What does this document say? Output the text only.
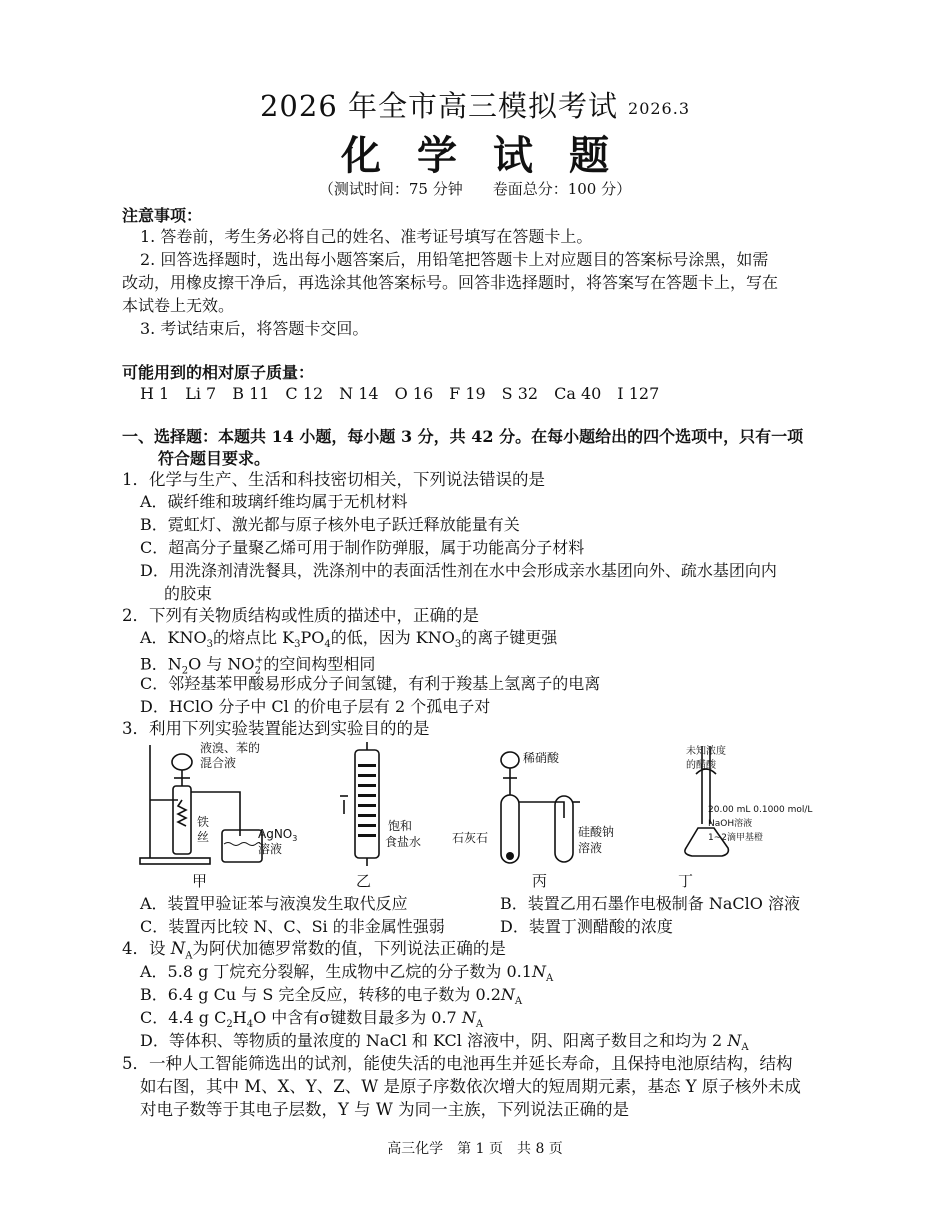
2026 年全市高三模拟考试 2026.3
化学试题
（测试时间：75 分钟　　卷面总分：100 分）
注意事项：
1. 答卷前，考生务必将自己的姓名、准考证号填写在答题卡上。
2. 回答选择题时，选出每小题答案后，用铅笔把答题卡上对应题目的答案标号涂黑，如需
改动，用橡皮擦干净后，再选涂其他答案标号。回答非选择题时，将答案写在答题卡上，写在
本试卷上无效。
3. 考试结束后，将答题卡交回。
可能用到的相对原子质量：
H 1　Li 7　B 11　C 12　N 14　O 16　F 19　S 32　Ca 40　I 127
一、选择题：本题共 14 小题，每小题 3 分，共 42 分。在每小题给出的四个选项中，只有一项
符合题目要求。
1．化学与生产、生活和科技密切相关，下列说法错误的是
A．碳纤维和玻璃纤维均属于无机材料
B．霓虹灯、激光都与原子核外电子跃迁释放能量有关
C．超高分子量聚乙烯可用于制作防弹服，属于功能高分子材料
D．用洗涤剂清洗餐具，洗涤剂中的表面活性剂在水中会形成亲水基团向外、疏水基团向内
的胶束
2．下列有关物质结构或性质的描述中，正确的是
A．$KNO_3$的熔点比 $K_3PO_4$的低，因为 $KNO_3$的离子键更强
B．$N_2O$ 与 $NO_2^+$的空间构型相同
C．邻羟基苯甲酸易形成分子间氢键，有利于羧基上氢离子的电离
D．HClO 分子中 Cl 的价电子层有 2 个孤电子对
3．利用下列实验装置能达到实验目的的是
液溴、苯的
混合液
铁
丝	AgNO$_3$
溶液
饱和
食盐水
稀硝酸
石灰石	硅酸钠
溶液
未知浓度
的醋酸
20.00 mL 0.1000 mol/L
NaOH溶液
1~2滴甲基橙
甲	乙	丙	丁
A．装置甲验证苯与液溴发生取代反应	B．装置乙用石墨作电极制备 NaClO 溶液
C．装置丙比较 N、C、Si 的非金属性强弱	D．装置丁测醋酸的浓度
4．设 $N_A$为阿伏加德罗常数的值，下列说法正确的是
A．5.8 g 丁烷充分裂解，生成物中乙烷的分子数为 $0.1N_A$
B．6.4 g Cu 与 S 完全反应，转移的电子数为 $0.2N_A$
C．4.4 g $C_2H_4O$ 中含有σ键数目最多为 0.7 $N_A$
D．等体积、等物质的量浓度的 NaCl 和 KCl 溶液中，阴、阳离子数目之和均为 2 $N_A$
5．一种人工智能筛选出的试剂，能使失活的电池再生并延长寿命，且保持电池原结构，结构
如右图，其中 M、X、Y、Z、W 是原子序数依次增大的短周期元素，基态 Y 原子核外未成
对电子数等于其电子层数，Y 与 W 为同一主族，下列说法正确的是
高三化学　第 1 页　共 8 页
